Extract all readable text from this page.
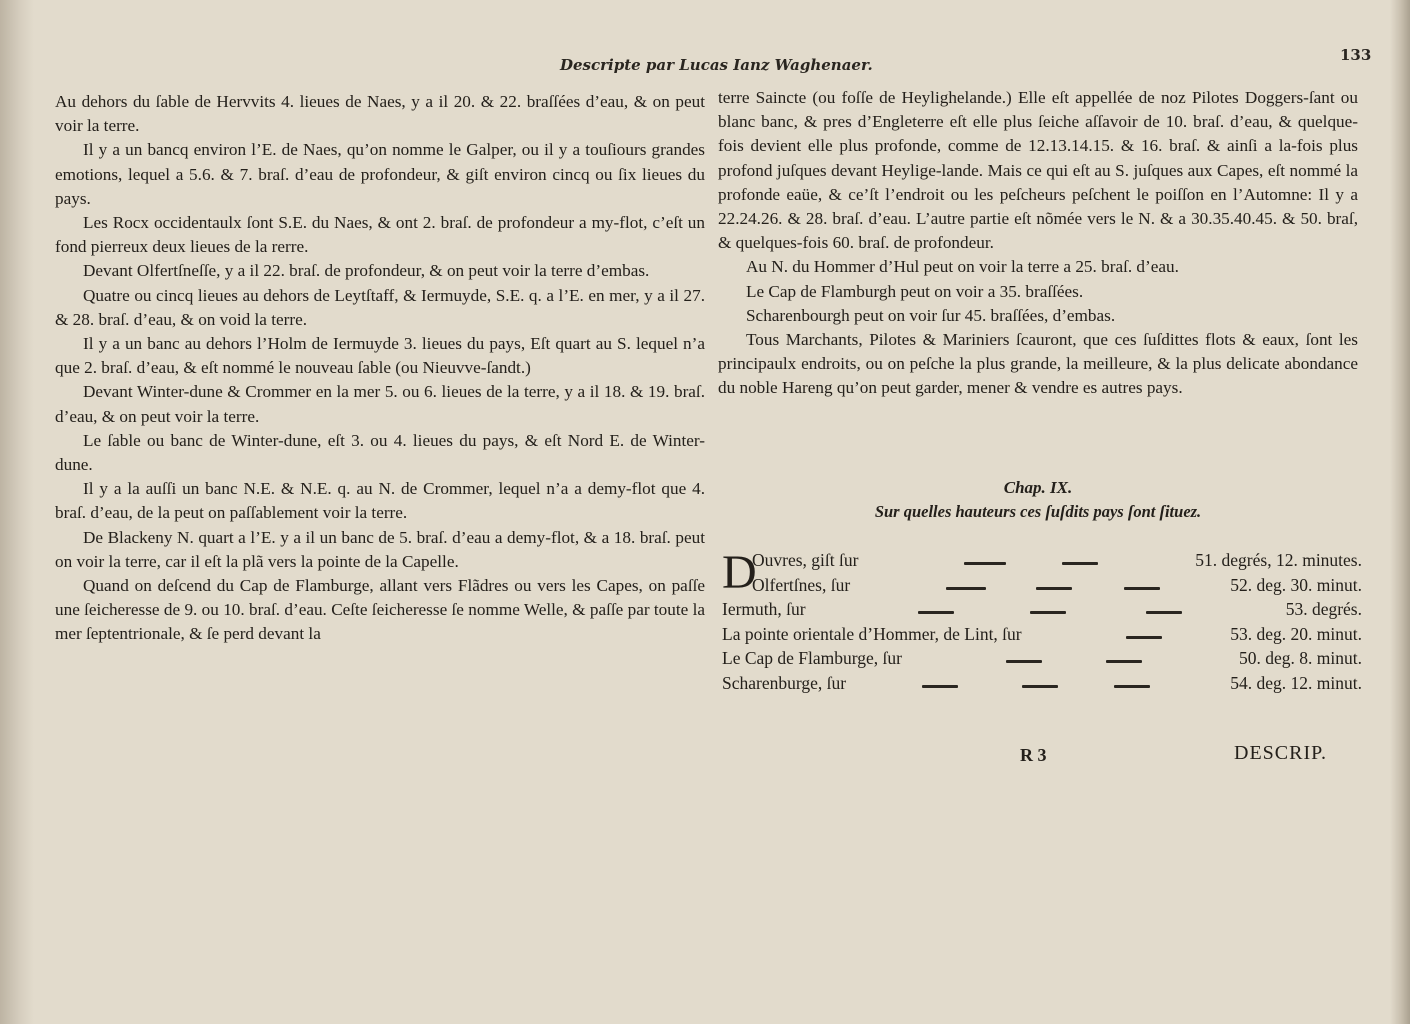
Descripte par Lucas Ianz Waghenaer.
133

Au dehors du ſable de Hervvits 4. lieues de Naes, y a il 20. & 22. braſſées d’eau, & on peut voir la terre.

Il y a un bancq environ l’E. de Naes, qu’on nomme le Galper, ou il y a touſiours grandes emotions, lequel a 5.6. & 7. braſ. d’eau de profondeur, & giſt environ cincq ou ſix lieues du pays.

Les Rocx occidentaulx ſont S.E. du Naes, & ont 2. braſ. de profondeur a my-flot, c’eſt un fond pierreux deux lieues de la rerre.

Devant Olfertſneſſe, y a il 22. braſ. de profondeur, & on peut voir la terre d’embas.

Quatre ou cincq lieues au dehors de Leytſtaff, & Iermuyde, S.E. q. a l’E. en mer, y a il 27. & 28. braſ. d’eau, & on void la terre.

Il y a un banc au dehors l’Holm de Iermuyde 3. lieues du pays, Eſt quart au S. lequel n’a que 2. braſ. d’eau, & eſt nommé le nouveau ſable (ou Nieuvve-ſandt.)

Devant Winter-dune & Crommer en la mer 5. ou 6. lieues de la terre, y a il 18. & 19. braſ. d’eau, & on peut voir la terre.

Le ſable ou banc de Winter-dune, eſt 3. ou 4. lieues du pays, & eſt Nord E. de Winter-dune.

Il y a la auſſi un banc N.E. & N.E. q. au N. de Crommer, lequel n’a a demy-flot que 4. braſ. d’eau, de la peut on paſſablement voir la terre.

De Blackeny N. quart a l’E. y a il un banc de 5. braſ. d’eau a demy-flot, & a 18. braſ. peut on voir la terre, car il eſt la plã vers la pointe de la Capelle.

Quand on deſcend du Cap de Flamburge, allant vers Flãdres ou vers les Capes, on paſſe une ſeicheresse de 9. ou 10. braſ. d’eau. Ceſte ſeicheresse ſe nomme Welle, & paſſe par toute la mer ſeptentrionale, & ſe perd devant la

terre Saincte (ou foſſe de Heylighelande.) Elle eſt appellée de noz Pilotes Doggers-ſant ou blanc banc, & pres d’Engleterre eſt elle plus ſeiche aſſavoir de 10. braſ. d’eau, & quelque-fois devient elle plus profonde, comme de 12.13.14.15. & 16. braſ. & ainſi a la-fois plus profond juſques devant Heylige-lande. Mais ce qui eſt au S. juſques aux Capes, eſt nommé la profonde eaüe, & ce’ſt l’endroit ou les peſcheurs peſchent le poiſſon en l’Automne: Il y a 22.24.26. & 28. braſ. d’eau. L’autre partie eſt nõmée vers le N. & a 30.35.40.45. & 50. braſ, & quelques-fois 60. braſ. de profondeur.

Au N. du Hommer d’Hul peut on voir la terre a 25. braſ. d’eau.

Le Cap de Flamburgh peut on voir a 35. braſſées.

Scharenbourgh peut on voir ſur 45. braſſées, d’embas.

Tous Marchants, Pilotes & Mariniers ſcauront, que ces ſuſdittes flots & eaux, ſont les principaulx endroits, ou on peſche la plus grande, la meilleure, & la plus delicate abondance du noble Hareng qu’on peut garder, mener & vendre es autres pays.

Chap. IX.
Sur quelles hauteurs ces ſuſdits pays ſont ſituez.
D
Ouvres, giſt ſur	51. degrés, 12. minutes.
Olfertſnes, ſur	52. deg. 30. minut.
Iermuth, ſur	53. degrés.
La pointe orientale d’Hommer, de Lint, ſur	53. deg. 20. minut.
Le Cap de Flamburge, ſur	50. deg. 8. minut.
Scharenburge, ſur	54. deg. 12. minut.
R 3	DESCRIP.
